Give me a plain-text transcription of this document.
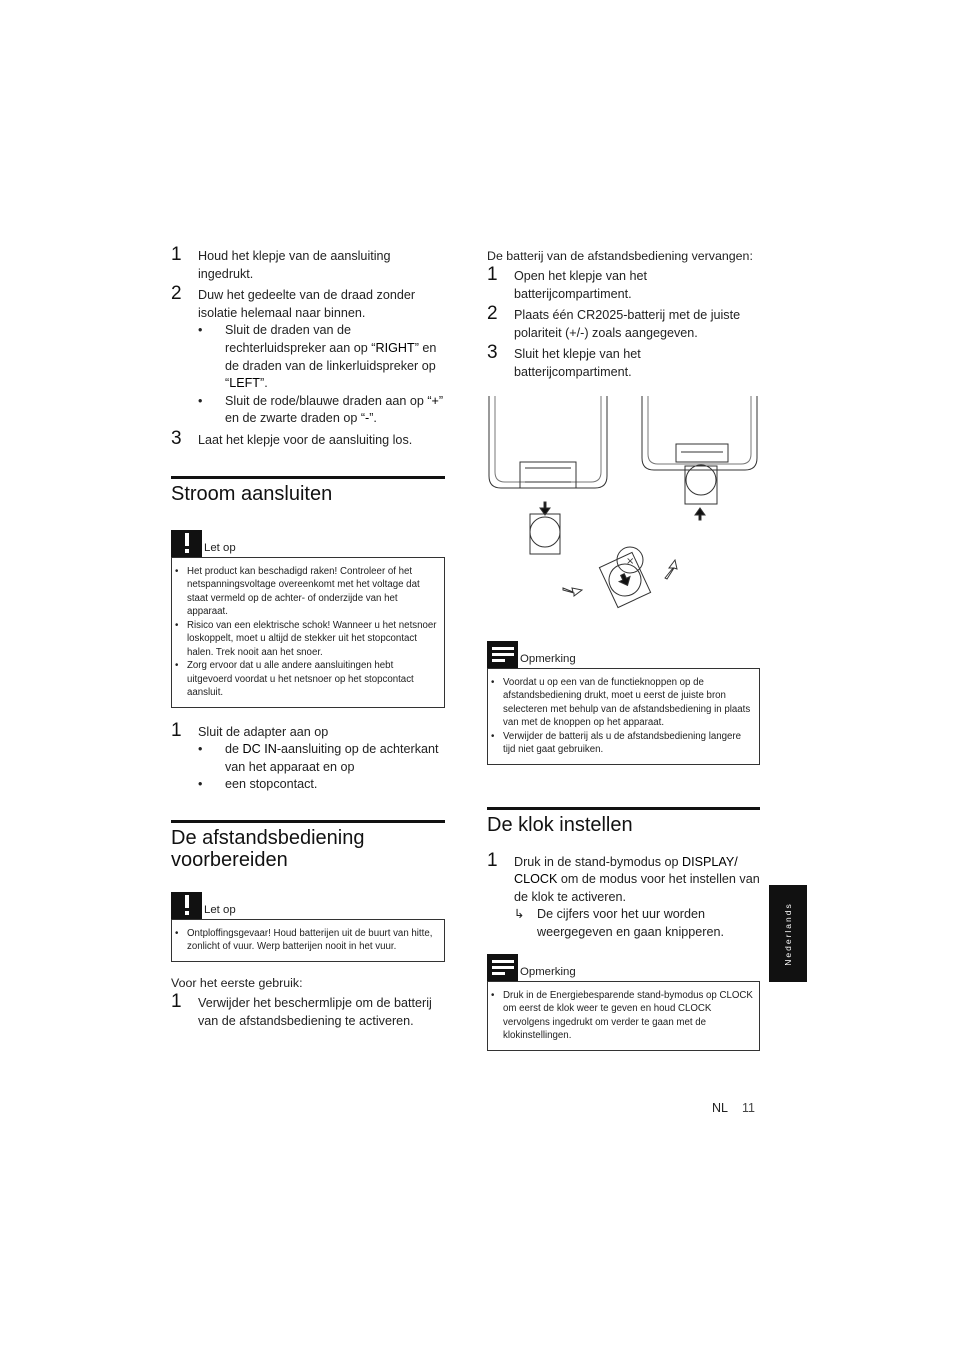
1 Houd het klepje van de aansluiting ingedrukt.
2 Duw het gedeelte van de draad zonder isolatie helemaal naar binnen.
• Sluit de draden van de rechterluidspreker aan op “RIGHT” en de draden van de linkerluidspreker op “LEFT”.
• Sluit de rode/blauwe draden aan op “+” en de zwarte draden op “-”.
3 Laat het klepje voor de aansluiting los.
Stroom aansluiten
Let op
• Het product kan beschadigd raken! Controleer of het netspanningsvoltage overeenkomt met het voltage dat staat vermeld op de achter- of onderzijde van het apparaat.
• Risico van een elektrische schok! Wanneer u het netsnoer loskoppelt, moet u altijd de stekker uit het stopcontact halen. Trek nooit aan het snoer.
• Zorg ervoor dat u alle andere aansluitingen hebt uitgevoerd voordat u het netsnoer op het stopcontact aansluit.
1 Sluit de adapter aan op
• de DC IN-aansluiting op de achterkant van het apparaat en op
• een stopcontact.
De afstandsbediening voorbereiden
Let op
• Ontploffingsgevaar! Houd batterijen uit de buurt van hitte, zonlicht of vuur. Werp batterijen nooit in het vuur.
Voor het eerste gebruik:
1 Verwijder het beschermlipje om de batterij van de afstandsbediening te activeren.
De batterij van de afstandsbediening vervangen:
1 Open het klepje van het batterijcompartiment.
2 Plaats één CR2025-batterij met de juiste polariteit (+/-) zoals aangegeven.
3 Sluit het klepje van het batterijcompartiment.
×
Opmerking
• Voordat u op een van de functieknoppen op de afstandsbediening drukt, moet u eerst de juiste bron selecteren met behulp van de afstandsbediening in plaats van met de knoppen op het apparaat.
• Verwijder de batterij als u de afstandsbediening langere tijd niet gaat gebruiken.
De klok instellen
1 Druk in de stand-bymodus op DISPLAY/ CLOCK om de modus voor het instellen van de klok te activeren.
↳ De cijfers voor het uur worden weergegeven en gaan knipperen.
Opmerking
• Druk in de Energiebesparende stand-bymodus op CLOCK om eerst de klok weer te geven en houd CLOCK vervolgens ingedrukt om verder te gaan met de klokinstellingen.
Nederlands
NL 11
